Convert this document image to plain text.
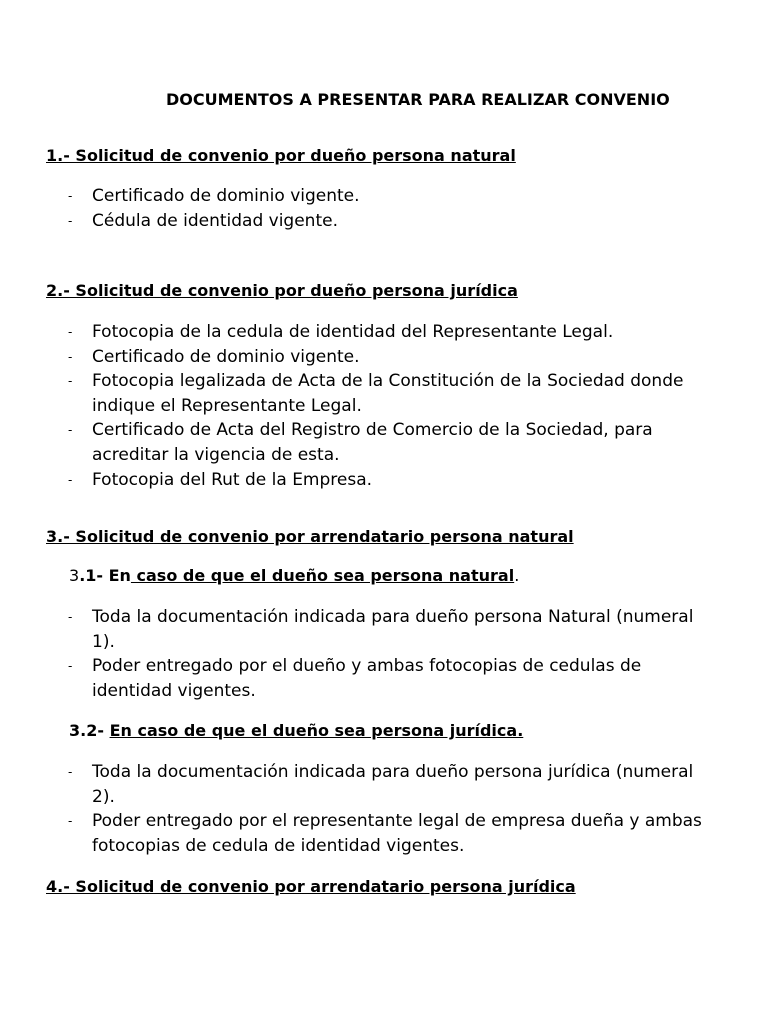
DOCUMENTOS A PRESENTAR PARA REALIZAR CONVENIO
1.- Solicitud de convenio por dueño persona natural
- Certificado de dominio vigente.
- Cédula de identidad vigente.
2.- Solicitud de convenio por dueño persona jurídica
- Fotocopia de la cedula de identidad del Representante Legal.
- Certificado de dominio vigente.
- Fotocopia legalizada de Acta de la Constitución de la Sociedad donde indique el Representante Legal.
- Certificado de Acta del Registro de Comercio de la Sociedad, para acreditar la vigencia de esta.
- Fotocopia del Rut de la Empresa.
3.- Solicitud de convenio por arrendatario persona natural
3.1- En caso de que el dueño sea persona natural.
- Toda la documentación indicada para dueño persona Natural (numeral 1).
- Poder entregado por el dueño y ambas fotocopias de cedulas de identidad vigentes.
3.2- En caso de que el dueño sea persona jurídica.
- Toda la documentación indicada para dueño persona jurídica (numeral 2).
- Poder entregado por el representante legal de empresa dueña y ambas fotocopias de cedula de identidad vigentes.
4.- Solicitud de convenio por arrendatario persona jurídica
